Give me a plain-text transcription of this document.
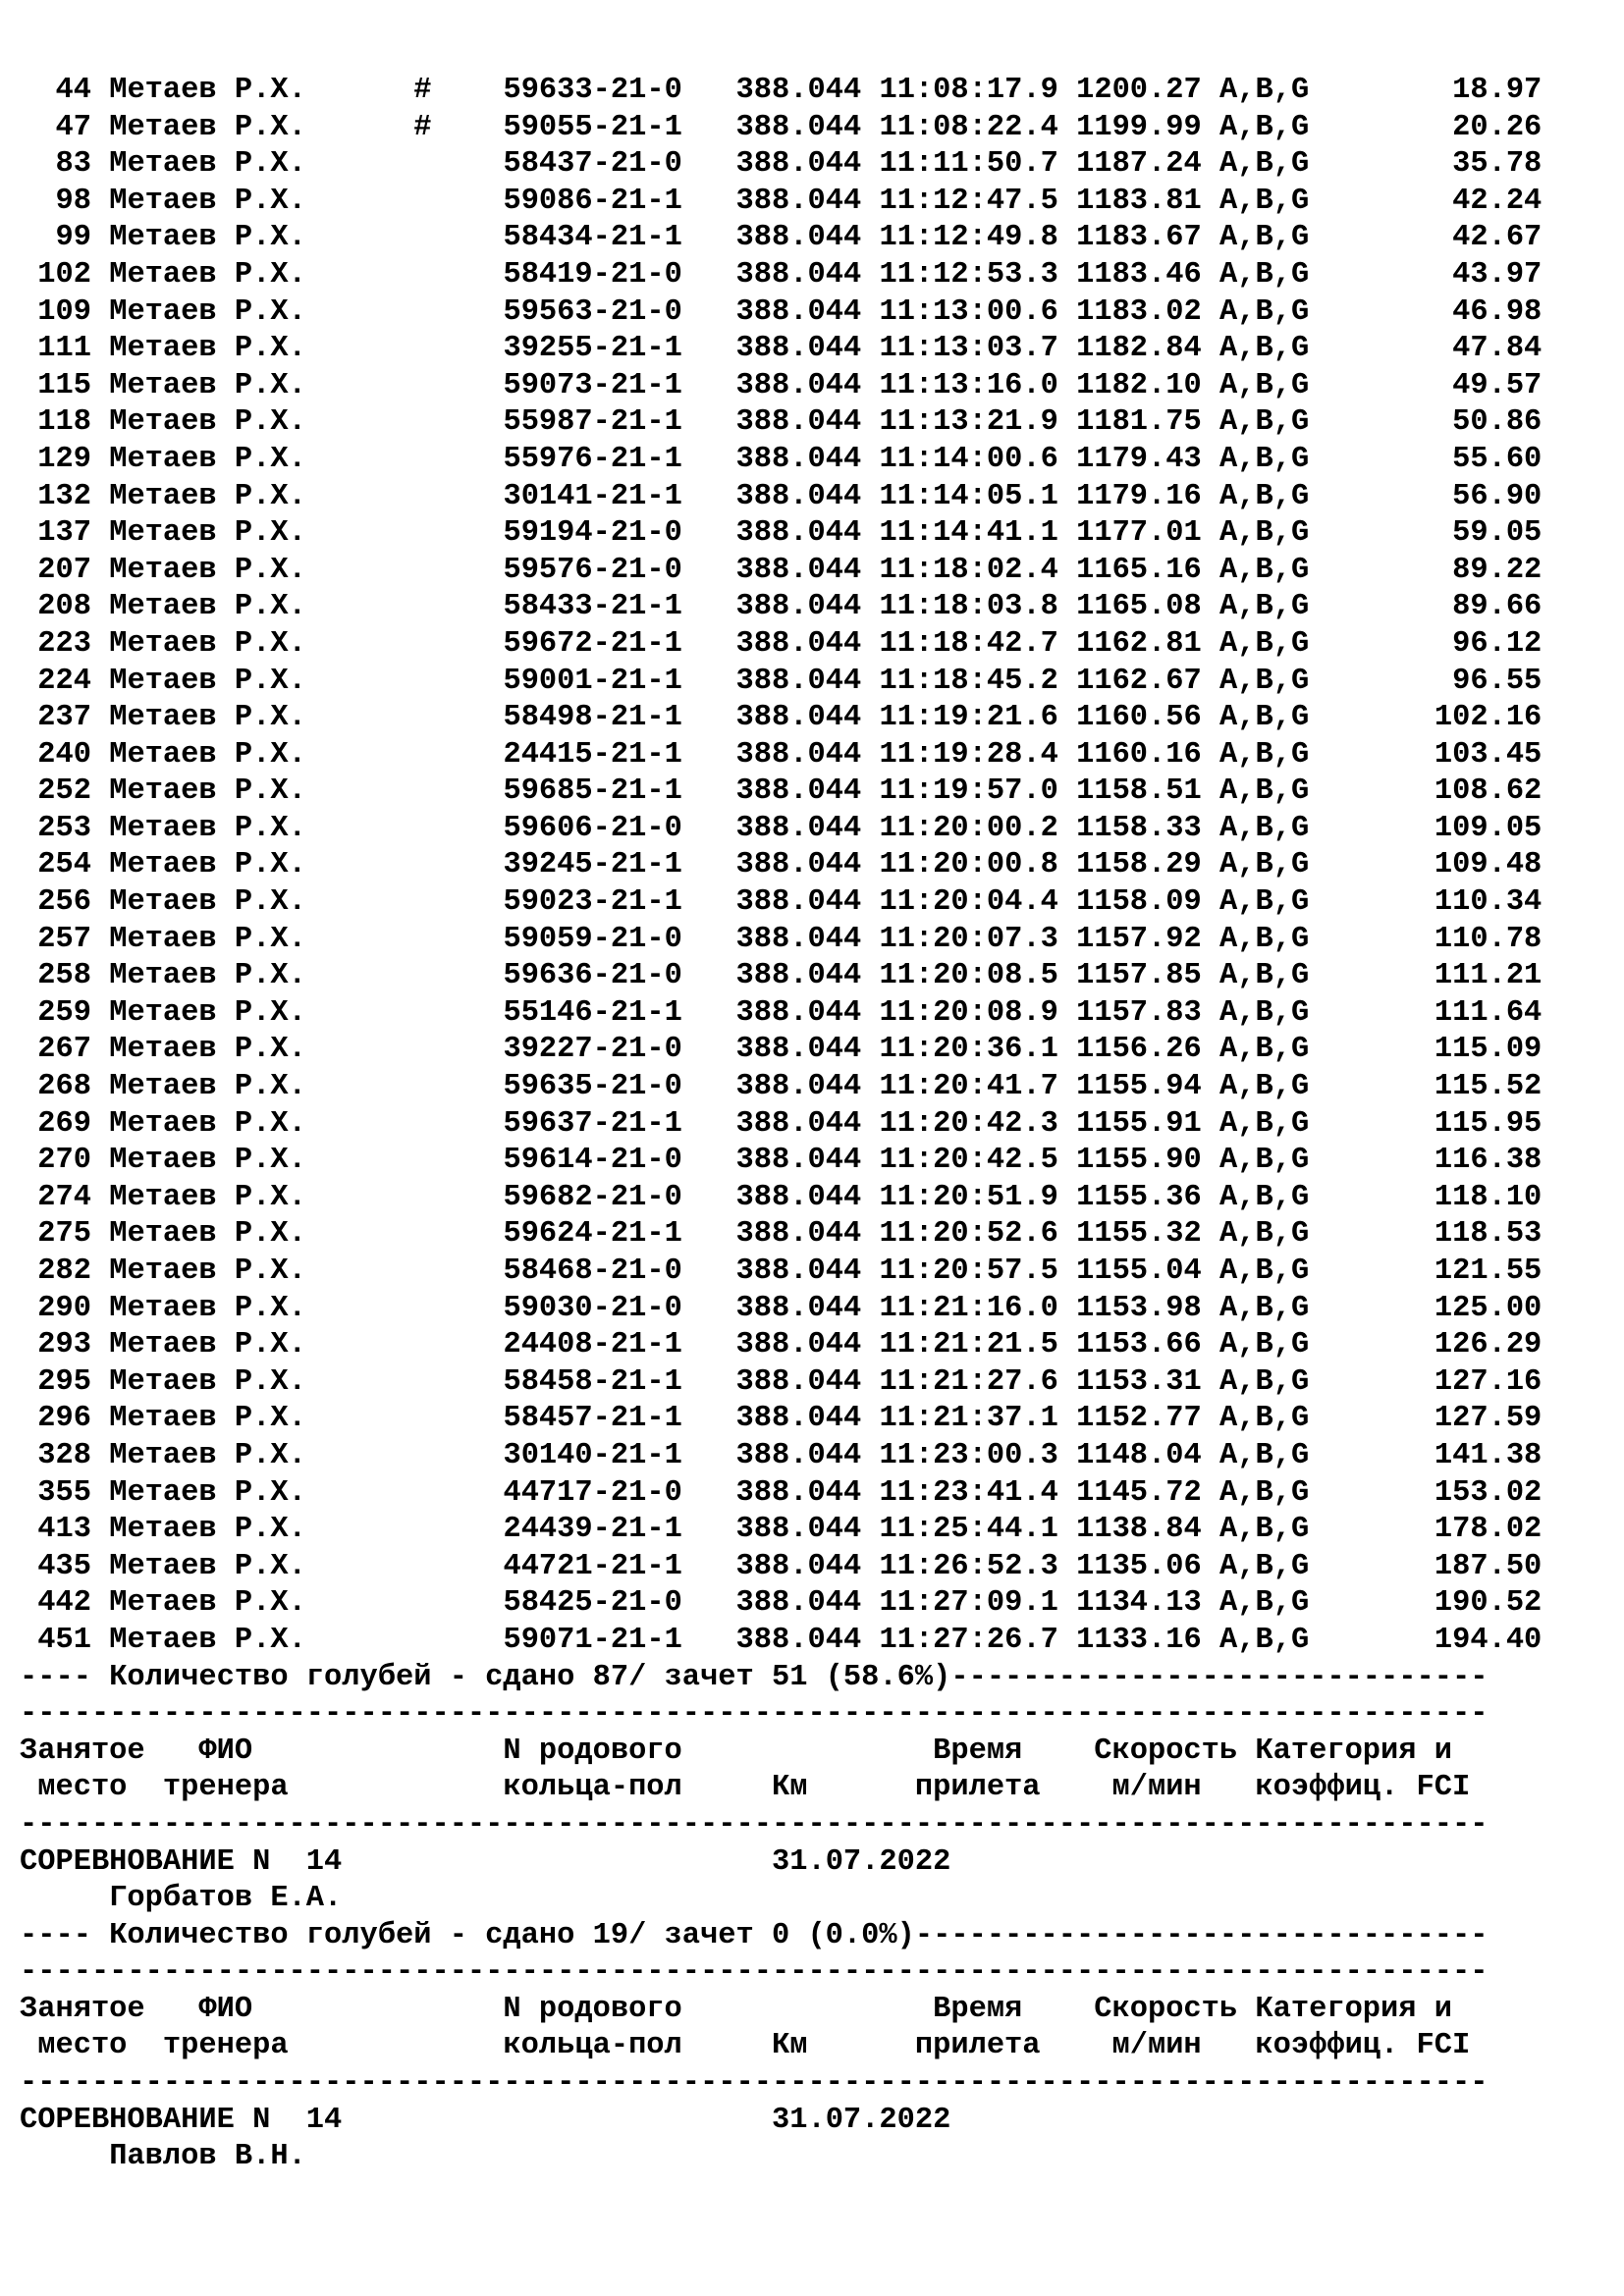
44 Метаев Р.Х.      #    59633-21-0 388.044 11:08:17.9 1200.27 A,B,G        18.97
47 Метаев Р.Х.      #    59055-21-1 388.044 11:08:22.4 1199.99 A,B,G        20.26
83 Метаев Р.Х.	58437-21-0 388.044 11:11:50.7 1187.24 A,B,G        35.78
98 Метаев Р.Х.	59086-21-1 388.044 11:12:47.5 1183.81 A,B,G        42.24
99 Метаев Р.Х.	58434-21-1 388.044 11:12:49.8 1183.67 A,B,G        42.67
102 Метаев Р.Х.	58419-21-0 388.044 11:12:53.3 1183.46 A,B,G        43.97
109 Метаев Р.Х.	59563-21-0 388.044 11:13:00.6 1183.02 A,B,G        46.98
111 Метаев Р.Х.	39255-21-1 388.044 11:13:03.7 1182.84 A,B,G        47.84
115 Метаев Р.Х.	59073-21-1 388.044 11:13:16.0 1182.10 A,B,G        49.57
118 Метаев Р.Х.	55987-21-1 388.044 11:13:21.9 1181.75 A,B,G        50.86
129 Метаев Р.Х.	55976-21-1 388.044 11:14:00.6 1179.43 A,B,G        55.60
132 Метаев Р.Х.	30141-21-1 388.044 11:14:05.1 1179.16 A,B,G        56.90
137 Метаев Р.Х.	59194-21-0 388.044 11:14:41.1 1177.01 A,B,G        59.05
207 Метаев Р.Х.	59576-21-0 388.044 11:18:02.4 1165.16 A,B,G        89.22
208 Метаев Р.Х.	58433-21-1 388.044 11:18:03.8 1165.08 A,B,G        89.66
223 Метаев Р.Х.	59672-21-1 388.044 11:18:42.7 1162.81 A,B,G        96.12
224 Метаев Р.Х.	59001-21-1 388.044 11:18:45.2 1162.67 A,B,G        96.55
237 Метаев Р.Х.	58498-21-1 388.044 11:19:21.6 1160.56 A,B,G       102.16
240 Метаев Р.Х.	24415-21-1 388.044 11:19:28.4 1160.16 A,B,G       103.45
252 Метаев Р.Х.	59685-21-1 388.044 11:19:57.0 1158.51 A,B,G       108.62
253 Метаев Р.Х.	59606-21-0 388.044 11:20:00.2 1158.33 A,B,G       109.05
254 Метаев Р.Х.	39245-21-1 388.044 11:20:00.8 1158.29 A,B,G       109.48
256 Метаев Р.Х.	59023-21-1 388.044 11:20:04.4 1158.09 A,B,G       110.34
257 Метаев Р.Х.	59059-21-0 388.044 11:20:07.3 1157.92 A,B,G       110.78
258 Метаев Р.Х.	59636-21-0 388.044 11:20:08.5 1157.85 A,B,G       111.21
259 Метаев Р.Х.	55146-21-1 388.044 11:20:08.9 1157.83 A,B,G       111.64
267 Метаев Р.Х.	39227-21-0 388.044 11:20:36.1 1156.26 A,B,G       115.09
268 Метаев Р.Х.	59635-21-0 388.044 11:20:41.7 1155.94 A,B,G       115.52
269 Метаев Р.Х.	59637-21-1 388.044 11:20:42.3 1155.91 A,B,G       115.95
270 Метаев Р.Х.	59614-21-0 388.044 11:20:42.5 1155.90 A,B,G       116.38
274 Метаев Р.Х.	59682-21-0 388.044 11:20:51.9 1155.36 A,B,G       118.10
275 Метаев Р.Х.	59624-21-1 388.044 11:20:52.6 1155.32 A,B,G       118.53
282 Метаев Р.Х.	58468-21-0 388.044 11:20:57.5 1155.04 A,B,G       121.55
290 Метаев Р.Х.	59030-21-0 388.044 11:21:16.0 1153.98 A,B,G       125.00
293 Метаев Р.Х.	24408-21-1 388.044 11:21:21.5 1153.66 A,B,G       126.29
295 Метаев Р.Х.	58458-21-1 388.044 11:21:27.6 1153.31 A,B,G       127.16
296 Метаев Р.Х.	58457-21-1 388.044 11:21:37.1 1152.77 A,B,G       127.59
328 Метаев Р.Х.	30140-21-1 388.044 11:23:00.3 1148.04 A,B,G       141.38
355 Метаев Р.Х.	44717-21-0 388.044 11:23:41.4 1145.72 A,B,G       153.02
413 Метаев Р.Х.	24439-21-1 388.044 11:25:44.1 1138.84 A,B,G       178.02
435 Метаев Р.Х.	44721-21-1 388.044 11:26:52.3 1135.06 A,B,G       187.50
442 Метаев Р.Х.	58425-21-0 388.044 11:27:09.1 1134.13 A,B,G       190.52
451 Метаев Р.Х.	59071-21-1 388.044 11:27:26.7 1133.16 A,B,G       194.40
---- Количество голубей - сдано 87/ зачет 51 (58.6%)------------------------------
----------------------------------------------------------------------------------
Занятое   ФИО              N родового              Время    Скорость Категория и
место  тренера            кольца-пол     Км      прилета    м/мин   коэффиц. FCI
----------------------------------------------------------------------------------
СОРЕВНОВАНИЕ N  14	31.07.2022
Горбатов Е.А.
---- Количество голубей - сдано 19/ зачет 0 (0.0%)--------------------------------
----------------------------------------------------------------------------------
Занятое   ФИО              N родового              Время    Скорость Категория и
место  тренера            кольца-пол     Км      прилета    м/мин   коэффиц. FCI
----------------------------------------------------------------------------------
СОРЕВНОВАНИЕ N  14	31.07.2022
Павлов В.Н.
